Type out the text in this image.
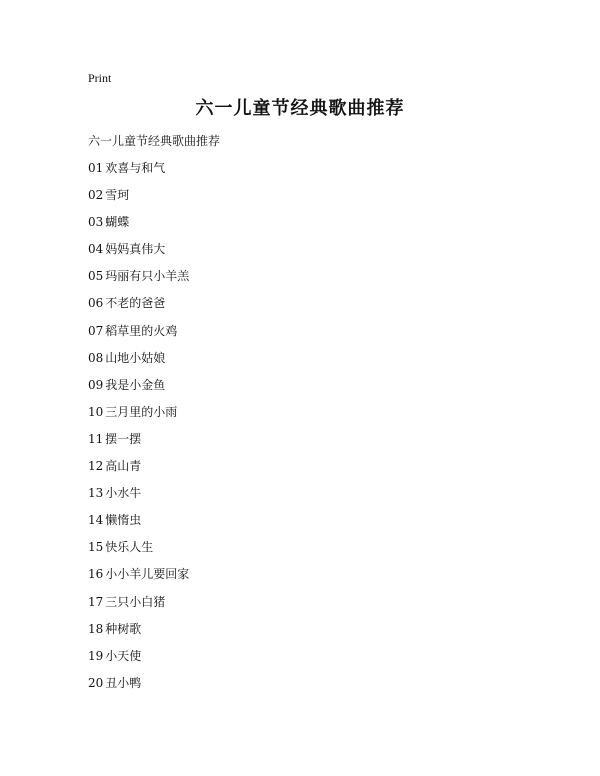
Print
六一儿童节经典歌曲推荐
六一儿童节经典歌曲推荐
01 欢喜与和气
02 雪珂
03 蝴蝶
04 妈妈真伟大
05 玛丽有只小羊羔
06 不老的爸爸
07 稻草里的火鸡
08 山地小姑娘
09 我是小金鱼
10 三月里的小雨
11 摆一摆
12 高山青
13 小水牛
14 懒惰虫
15 快乐人生
16 小小羊儿要回家
17 三只小白猪
18 种树歌
19 小天使
20 丑小鸭
